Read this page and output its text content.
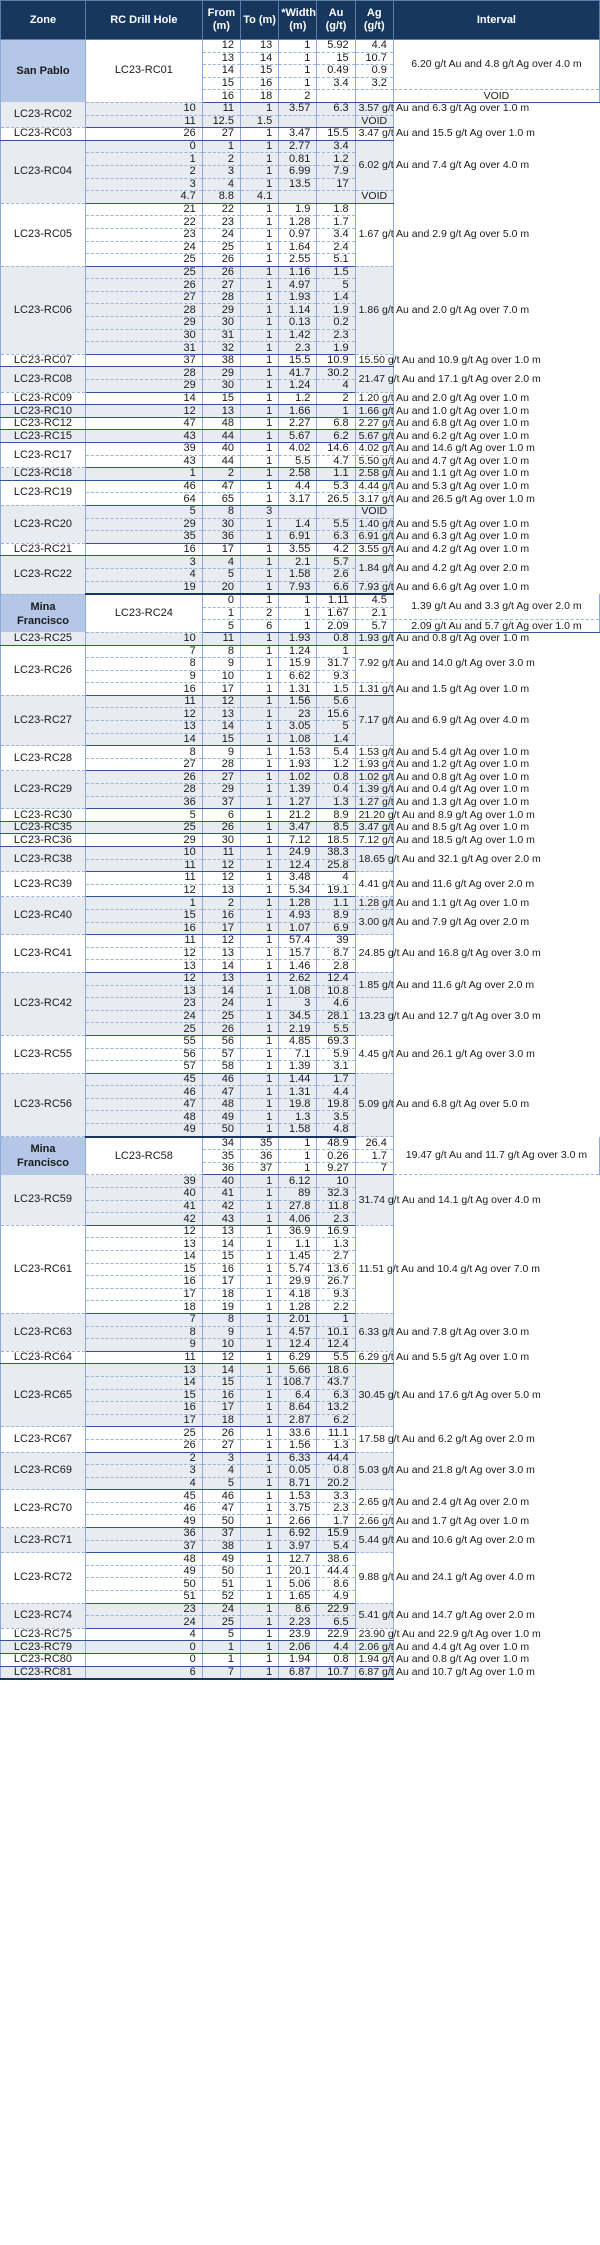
Zone	RC Drill Hole	From (m)	To (m)	*Width (m)	Au (g/t)	Ag (g/t)	Interval
San Pablo	LC23-RC01	12	13	1	5.92	4.4	6.20 g/t Au and 4.8 g/t Ag over 4.0 m
		13	14	1	15	10.7	
		14	15	1	0.49	0.9	
		15	16	1	3.4	3.2	
		16	18	2			VOID
LC23-RC02	10	11	1	3.57	6.3	3.57 g/t Au and 6.3 g/t Ag over 1.0 m	
	11	12.5	1.5			VOID	
LC23-RC03	26	27	1	3.47	15.5	3.47 g/t Au and 15.5 g/t Ag over 1.0 m	
LC23-RC04	0	1	1	2.77	3.4	6.02 g/t Au and 7.4 g/t Ag over 4.0 m	
	1	2	1	0.81	1.2		
	2	3	1	6.99	7.9		
	3	4	1	13.5	17		
	4.7	8.8	4.1			VOID	
LC23-RC05	21	22	1	1.9	1.8	1.67 g/t Au and 2.9 g/t Ag over 5.0 m	
	22	23	1	1.28	1.7		
	23	24	1	0.97	3.4		
	24	25	1	1.64	2.4		
	25	26	1	2.55	5.1		
LC23-RC06	25	26	1	1.16	1.5	1.86 g/t Au and 2.0 g/t Ag over 7.0 m	
	26	27	1	4.97	5		
	27	28	1	1.93	1.4		
	28	29	1	1.14	1.9		
	29	30	1	0.13	0.2		
	30	31	1	1.42	2.3		
	31	32	1	2.3	1.9		
LC23-RC07	37	38	1	15.5	10.9	15.50 g/t Au and 10.9 g/t Ag over 1.0 m	
LC23-RC08	28	29	1	41.7	30.2	21.47 g/t Au and 17.1 g/t Ag over 2.0 m	
	29	30	1	1.24	4		
LC23-RC09	14	15	1	1.2	2	1.20 g/t Au and 2.0 g/t Ag over 1.0 m	
LC23-RC10	12	13	1	1.66	1	1.66 g/t Au and 1.0 g/t Ag over 1.0 m	
LC23-RC12	47	48	1	2.27	6.8	2.27 g/t Au and 6.8 g/t Ag over 1.0 m	
LC23-RC15	43	44	1	5.67	6.2	5.67 g/t Au and 6.2 g/t Ag over 1.0 m	
LC23-RC17	39	40	1	4.02	14.6	4.02 g/t Au and 14.6 g/t Ag over 1.0 m	
	43	44	1	5.5	4.7	5.50 g/t Au and 4.7 g/t Ag over 1.0 m	
LC23-RC18	1	2	1	2.58	1.1	2.58 g/t Au and 1.1 g/t Ag over 1.0 m	
LC23-RC19	46	47	1	4.4	5.3	4.44 g/t Au and 5.3 g/t Ag over 1.0 m	
	64	65	1	3.17	26.5	3.17 g/t Au and 26.5 g/t Ag over 1.0 m	
LC23-RC20	5	8	3			VOID	
	29	30	1	1.4	5.5	1.40 g/t Au and 5.5 g/t Ag over 1.0 m	
	35	36	1	6.91	6.3	6.91 g/t Au and 6.3 g/t Ag over 1.0 m	
LC23-RC21	16	17	1	3.55	4.2	3.55 g/t Au and 4.2 g/t Ag over 1.0 m	
LC23-RC22	3	4	1	2.1	5.7	1.84 g/t Au and 4.2 g/t Ag over 2.0 m	
	4	5	1	1.58	2.6		
	19	20	1	7.93	6.6	7.93 g/t Au and 6.6 g/t Ag over 1.0 m	
Mina Francisco	LC23-RC24	0	1	1	1.11	4.5	1.39 g/t Au and 3.3 g/t Ag over 2.0 m
		1	2	1	1.67	2.1	
		5	6	1	2.09	5.7	2.09 g/t Au and 5.7 g/t Ag over 1.0 m
LC23-RC25	10	11	1	1.93	0.8	1.93 g/t Au and 0.8 g/t Ag over 1.0 m	
LC23-RC26	7	8	1	1.24	1	7.92 g/t Au and 14.0 g/t Ag over 3.0 m	
	8	9	1	15.9	31.7		
	9	10	1	6.62	9.3		
	16	17	1	1.31	1.5	1.31 g/t Au and 1.5 g/t Ag over 1.0 m	
LC23-RC27	11	12	1	1.56	5.6	7.17 g/t Au and 6.9 g/t Ag over 4.0 m	
	12	13	1	23	15.6		
	13	14	1	3.05	5		
	14	15	1	1.08	1.4		
LC23-RC28	8	9	1	1.53	5.4	1.53 g/t Au and 5.4 g/t Ag over 1.0 m	
	27	28	1	1.93	1.2	1.93 g/t Au and 1.2 g/t Ag over 1.0 m	
LC23-RC29	26	27	1	1.02	0.8	1.02 g/t Au and 0.8 g/t Ag over 1.0 m	
	28	29	1	1.39	0.4	1.39 g/t Au and 0.4 g/t Ag over 1.0 m	
	36	37	1	1.27	1.3	1.27 g/t Au and 1.3 g/t Ag over 1.0 m	
LC23-RC30	5	6	1	21.2	8.9	21.20 g/t Au and 8.9 g/t Ag over 1.0 m	
LC23-RC35	25	26	1	3.47	8.5	3.47 g/t Au and 8.5 g/t Ag over 1.0 m	
LC23-RC36	29	30	1	7.12	18.5	7.12 g/t Au and 18.5 g/t Ag over 1.0 m	
LC23-RC38	10	11	1	24.9	38.3	18.65 g/t Au and 32.1 g/t Ag over 2.0 m	
	11	12	1	12.4	25.8		
LC23-RC39	11	12	1	3.48	4	4.41 g/t Au and 11.6 g/t Ag over 2.0 m	
	12	13	1	5.34	19.1		
LC23-RC40	1	2	1	1.28	1.1	1.28 g/t Au and 1.1 g/t Ag over 1.0 m	
	15	16	1	4.93	8.9	3.00 g/t Au and 7.9 g/t Ag over 2.0 m	
	16	17	1	1.07	6.9		
LC23-RC41	11	12	1	57.4	39	24.85 g/t Au and 16.8 g/t Ag over 3.0 m	
	12	13	1	15.7	8.7		
	13	14	1	1.46	2.8		
LC23-RC42	12	13	1	2.62	12.4	1.85 g/t Au and 11.6 g/t Ag over 2.0 m	
	13	14	1	1.08	10.8		
	23	24	1	3	4.6	13.23 g/t Au and 12.7 g/t Ag over 3.0 m	
	24	25	1	34.5	28.1		
	25	26	1	2.19	5.5		
LC23-RC55	55	56	1	4.85	69.3	4.45 g/t Au and 26.1 g/t Ag over 3.0 m	
	56	57	1	7.1	5.9		
	57	58	1	1.39	3.1		
LC23-RC56	45	46	1	1.44	1.7	5.09 g/t Au and 6.8 g/t Ag over 5.0 m	
	46	47	1	1.31	4.4		
	47	48	1	19.8	19.8		
	48	49	1	1.3	3.5		
	49	50	1	1.58	4.8		
Mina Francisco	LC23-RC58	34	35	1	48.9	26.4	19.47 g/t Au and 11.7 g/t Ag over 3.0 m
		35	36	1	0.26	1.7	
		36	37	1	9.27	7	
LC23-RC59	39	40	1	6.12	10	31.74 g/t Au and 14.1 g/t Ag over 4.0 m	
	40	41	1	89	32.3		
	41	42	1	27.8	11.8		
	42	43	1	4.06	2.3		
LC23-RC61	12	13	1	36.9	16.9	11.51 g/t Au and 10.4 g/t Ag over 7.0 m	
	13	14	1	1.1	1.3		
	14	15	1	1.45	2.7		
	15	16	1	5.74	13.6		
	16	17	1	29.9	26.7		
	17	18	1	4.18	9.3		
	18	19	1	1.28	2.2		
LC23-RC63	7	8	1	2.01	1	6.33 g/t Au and 7.8 g/t Ag over 3.0 m	
	8	9	1	4.57	10.1		
	9	10	1	12.4	12.4		
LC23-RC64	11	12	1	6.29	5.5	6.29 g/t Au and 5.5 g/t Ag over 1.0 m	
LC23-RC65	13	14	1	5.66	18.6	30.45 g/t Au and 17.6 g/t Ag over 5.0 m	
	14	15	1	108.7	43.7		
	15	16	1	6.4	6.3		
	16	17	1	8.64	13.2		
	17	18	1	2.87	6.2		
LC23-RC67	25	26	1	33.6	11.1	17.58 g/t Au and 6.2 g/t Ag over 2.0 m	
	26	27	1	1.56	1.3		
LC23-RC69	2	3	1	6.33	44.4	5.03 g/t Au and 21.8 g/t Ag over 3.0 m	
	3	4	1	0.05	0.8		
	4	5	1	8.71	20.2		
LC23-RC70	45	46	1	1.53	3.3	2.65 g/t Au and 2.4 g/t Ag over 2.0 m	
	46	47	1	3.75	2.3		
	49	50	1	2.66	1.7	2.66 g/t Au and 1.7 g/t Ag over 1.0 m	
LC23-RC71	36	37	1	6.92	15.9	5.44 g/t Au and 10.6 g/t Ag over 2.0 m	
	37	38	1	3.97	5.4		
LC23-RC72	48	49	1	12.7	38.6	9.88 g/t Au and 24.1 g/t Ag over 4.0 m	
	49	50	1	20.1	44.4		
	50	51	1	5.06	8.6		
	51	52	1	1.65	4.9		
LC23-RC74	23	24	1	8.6	22.9	5.41 g/t Au and 14.7 g/t Ag over 2.0 m	
	24	25	1	2.23	6.5		
LC23-RC75	4	5	1	23.9	22.9	23.90 g/t Au and 22.9 g/t Ag over 1.0 m	
LC23-RC79	0	1	1	2.06	4.4	2.06 g/t Au and 4.4 g/t Ag over 1.0 m	
LC23-RC80	0	1	1	1.94	0.8	1.94 g/t Au and 0.8 g/t Ag over 1.0 m	
LC23-RC81	6	7	1	6.87	10.7	6.87 g/t Au and 10.7 g/t Ag over 1.0 m	
